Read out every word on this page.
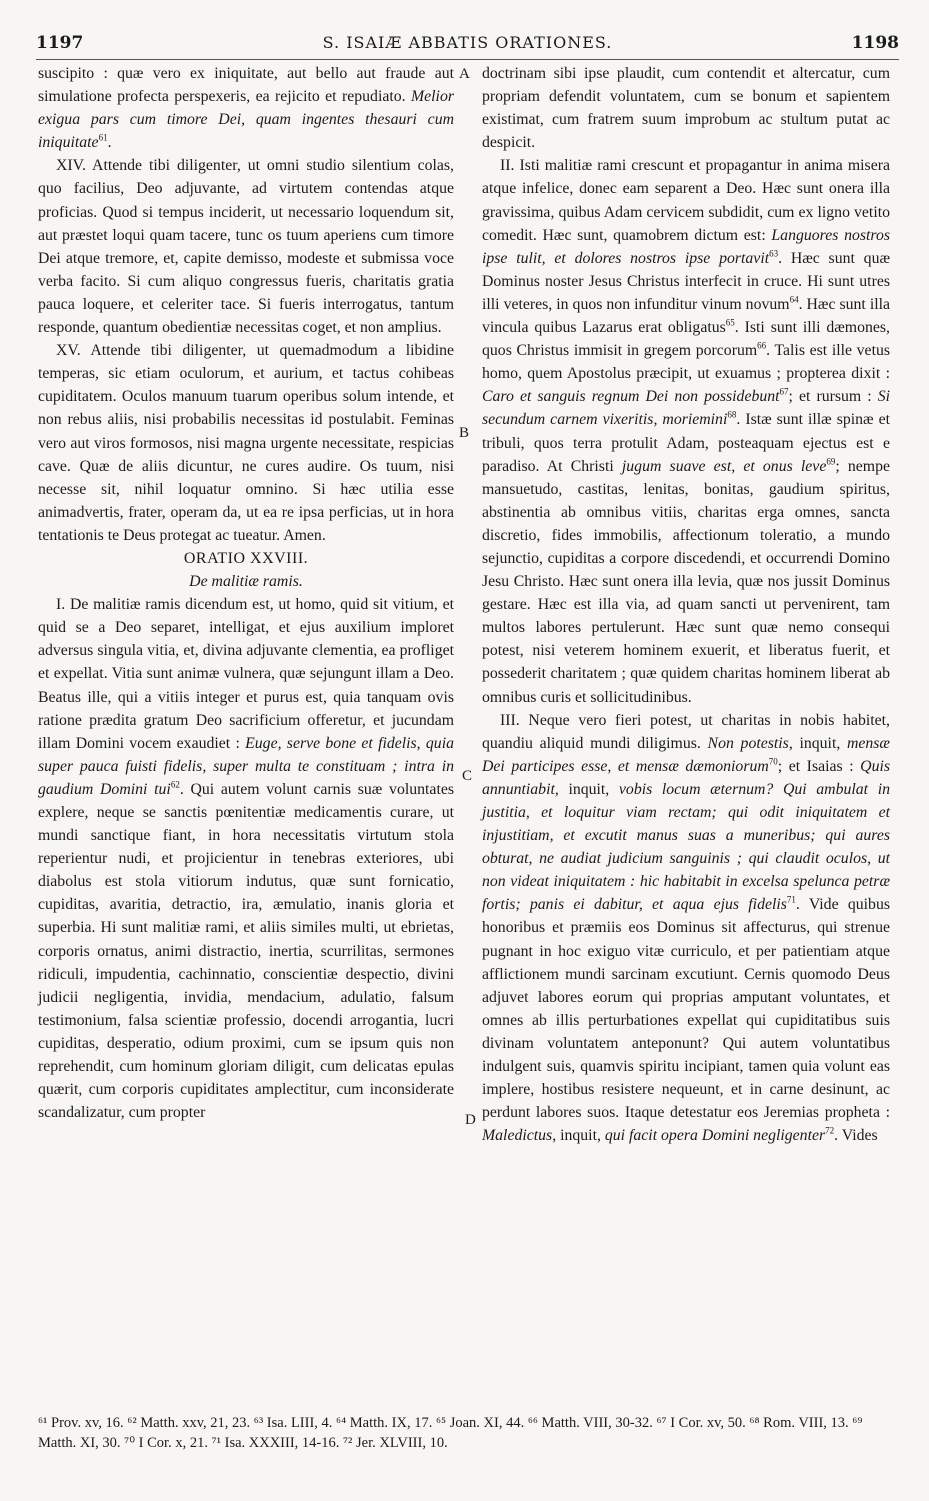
1197	S. ISAIÆ ABBATIS ORATIONES.	1198
A
B
C
D

suscipito : quæ vero ex iniquitate, aut bello aut fraude aut simulatione profecta perspexeris, ea rejicito et repudiato. Melior exigua pars cum timore Dei, quam ingentes thesauri cum iniquitate$^{61}$.

XIV. Attende tibi diligenter, ut omni studio silentium colas, quo facilius, Deo adjuvante, ad virtutem contendas atque proficias. Quod si tempus inciderit, ut necessario loquendum sit, aut præstet loqui quam tacere, tunc os tuum aperiens cum timore Dei atque tremore, et, capite demisso, modeste et submissa voce verba facito. Si cum aliquo congressus fueris, charitatis gratia pauca loquere, et celeriter tace. Si fueris interrogatus, tantum responde, quantum obedientiæ necessitas coget, et non amplius.

XV. Attende tibi diligenter, ut quemadmodum a libidine temperas, sic etiam oculorum, et aurium, et tactus cohibeas cupiditatem. Oculos manuum tuarum operibus solum intende, et non rebus aliis, nisi probabilis necessitas id postulabit. Feminas vero aut viros formosos, nisi magna urgente necessitate, respicias cave. Quæ de aliis dicuntur, ne cures audire. Os tuum, nisi necesse sit, nihil loquatur omnino. Si hæc utilia esse animadvertis, frater, operam da, ut ea re ipsa perficias, ut in hora tentationis te Deus protegat ac tueatur. Amen.

ORATIO XXVIII.

De malitiæ ramis.

I. De malitiæ ramis dicendum est, ut homo, quid sit vitium, et quid se a Deo separet, intelligat, et ejus auxilium imploret adversus singula vitia, et, divina adjuvante clementia, ea profliget et expellat. Vitia sunt animæ vulnera, quæ sejungunt illam a Deo. Beatus ille, qui a vitiis integer et purus est, quia tanquam ovis ratione prædita gratum Deo sacrificium offeretur, et jucundam illam Domini vocem exaudiet : Euge, serve bone et fidelis, quia super pauca fuisti fidelis, super multa te constituam ; intra in gaudium Domini tui$^{62}$. Qui autem volunt carnis suæ voluntates explere, neque se sanctis pœnitentiæ medicamentis curare, ut mundi sanctique fiant, in hora necessitatis virtutum stola reperientur nudi, et projicientur in tenebras exteriores, ubi diabolus est stola vitiorum indutus, quæ sunt fornicatio, cupiditas, avaritia, detractio, ira, æmulatio, inanis gloria et superbia. Hi sunt malitiæ rami, et aliis similes multi, ut ebrietas, corporis ornatus, animi distractio, inertia, scurrilitas, sermones ridiculi, impudentia, cachinnatio, conscientiæ despectio, divini judicii negligentia, invidia, mendacium, adulatio, falsum testimonium, falsa scientiæ professio, docendi arrogantia, lucri cupiditas, desperatio, odium proximi, cum se ipsum quis non reprehendit, cum hominum gloriam diligit, cum delicatas epulas quærit, cum corporis cupiditates amplectitur, cum inconsiderate scandalizatur, cum propter

doctrinam sibi ipse plaudit, cum contendit et altercatur, cum propriam defendit voluntatem, cum se bonum et sapientem existimat, cum fratrem suum improbum ac stultum putat ac despicit.

II. Isti malitiæ rami crescunt et propagantur in anima misera atque infelice, donec eam separent a Deo. Hæc sunt onera illa gravissima, quibus Adam cervicem subdidit, cum ex ligno vetito comedit. Hæc sunt, quamobrem dictum est: Languores nostros ipse tulit, et dolores nostros ipse portavit$^{63}$. Hæc sunt quæ Dominus noster Jesus Christus interfecit in cruce. Hi sunt utres illi veteres, in quos non infunditur vinum novum$^{64}$. Hæc sunt illa vincula quibus Lazarus erat obligatus$^{65}$. Isti sunt illi dæmones, quos Christus immisit in gregem porcorum$^{66}$. Talis est ille vetus homo, quem Apostolus præcipit, ut exuamus ; propterea dixit : Caro et sanguis regnum Dei non possidebunt$^{67}$; et rursum : Si secundum carnem vixeritis, moriemini$^{68}$. Istæ sunt illæ spinæ et tribuli, quos terra protulit Adam, posteaquam ejectus est e paradiso. At Christi jugum suave est, et onus leve$^{69}$; nempe mansuetudo, castitas, lenitas, bonitas, gaudium spiritus, abstinentia ab omnibus vitiis, charitas erga omnes, sancta discretio, fides immobilis, affectionum toleratio, a mundo sejunctio, cupiditas a corpore discedendi, et occurrendi Domino Jesu Christo. Hæc sunt onera illa levia, quæ nos jussit Dominus gestare. Hæc est illa via, ad quam sancti ut pervenirent, tam multos labores pertulerunt. Hæc sunt quæ nemo consequi potest, nisi veterem hominem exuerit, et liberatus fuerit, et possederit charitatem ; quæ quidem charitas hominem liberat ab omnibus curis et sollicitudinibus.

III. Neque vero fieri potest, ut charitas in nobis habitet, quandiu aliquid mundi diligimus. Non potestis, inquit, mensæ Dei participes esse, et mensæ dæmoniorum$^{70}$; et Isaias : Quis annuntiabit, inquit, vobis locum æternum? Qui ambulat in justitia, et loquitur viam rectam; qui odit iniquitatem et injustitiam, et excutit manus suas a muneribus; qui aures obturat, ne audiat judicium sanguinis ; qui claudit oculos, ut non videat iniquitatem : hic habitabit in excelsa spelunca petræ fortis; panis ei dabitur, et aqua ejus fidelis$^{71}$. Vide quibus honoribus et præmiis eos Dominus sit affecturus, qui strenue pugnant in hoc exiguo vitæ curriculo, et per patientiam atque afflictionem mundi sarcinam excutiunt. Cernis quomodo Deus adjuvet labores eorum qui proprias amputant voluntates, et omnes ab illis perturbationes expellat qui cupiditatibus suis divinam voluntatem anteponunt? Qui autem voluntatibus indulgent suis, quamvis spiritu incipiant, tamen quia volunt eas implere, hostibus resistere nequeunt, et in carne desinunt, ac perdunt labores suos. Itaque detestatur eos Jeremias propheta : Maledictus, inquit, qui facit opera Domini negligenter$^{72}$. Vides

⁶¹ Prov. xv, 16. ⁶² Matth. xxv, 21, 23. ⁶³ Isa. LIII, 4. ⁶⁴ Matth. IX, 17. ⁶⁵ Joan. XI, 44. ⁶⁶ Matth. VIII, 30-32. ⁶⁷ I Cor. xv, 50. ⁶⁸ Rom. VIII, 13. ⁶⁹ Matth. XI, 30. ⁷⁰ I Cor. x, 21. ⁷¹ Isa. XXXIII, 14-16. ⁷² Jer. XLVIII, 10.
